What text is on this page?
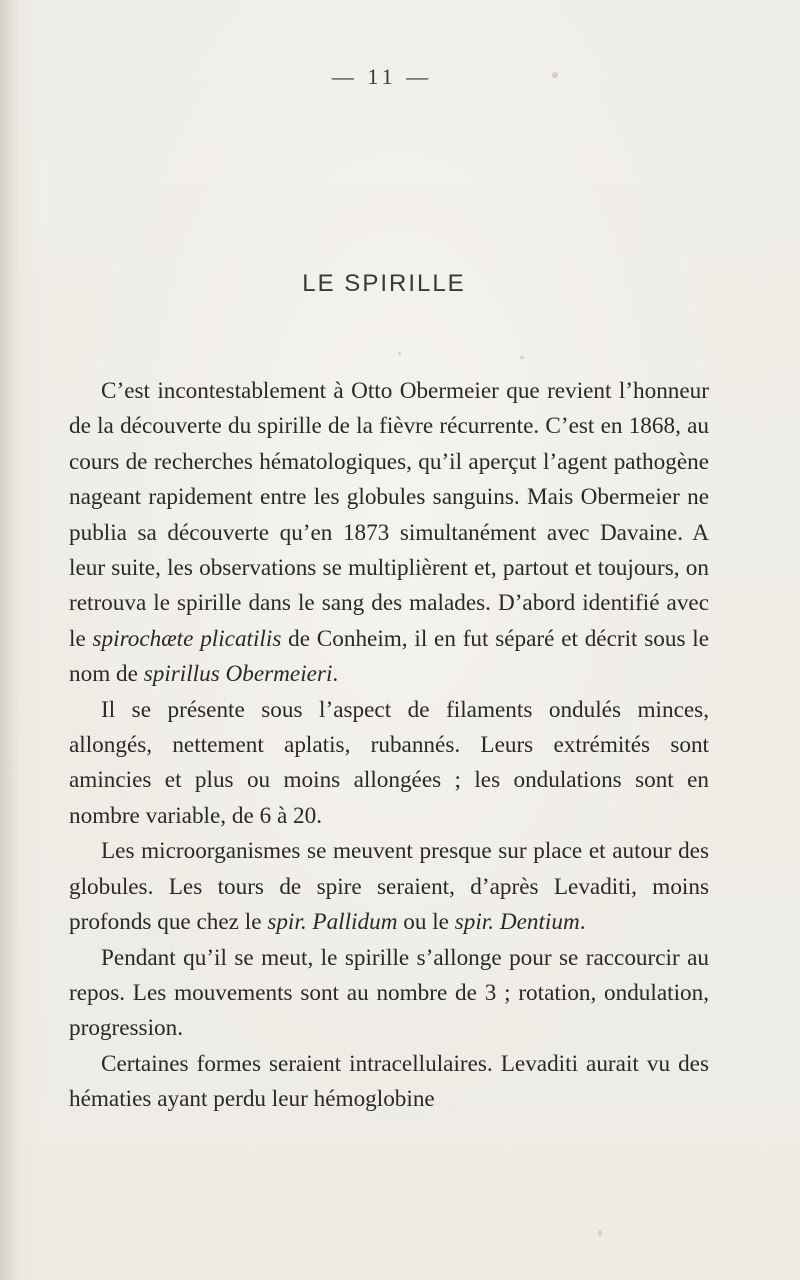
— 11 —
LE SPIRILLE

C’est incontestablement à Otto Obermeier que revient l’honneur de la découverte du spirille de la fièvre récurrente. C’est en 1868, au cours de recherches hématologiques, qu’il aperçut l’agent pathogène nageant rapidement entre les globules sanguins. Mais Obermeier ne publia sa découverte qu’en 1873 simultanément avec Davaine. A leur suite, les observations se multiplièrent et, partout et toujours, on retrouva le spirille dans le sang des malades. D’abord identifié avec le spirochæte plicatilis de Conheim, il en fut séparé et décrit sous le nom de spirillus Obermeieri.

Il se présente sous l’aspect de filaments ondulés minces, allongés, nettement aplatis, rubannés. Leurs extrémités sont amincies et plus ou moins allongées ; les ondulations sont en nombre variable, de 6 à 20.

Les microorganismes se meuvent presque sur place et autour des globules. Les tours de spire seraient, d’après Levaditi, moins profonds que chez le spir. Pallidum ou le spir. Dentium.

Pendant qu’il se meut, le spirille s’allonge pour se raccourcir au repos. Les mouvements sont au nombre de 3 ; rotation, ondulation, progression.

Certaines formes seraient intracellulaires. Levaditi aurait vu des hématies ayant perdu leur hémoglobine
